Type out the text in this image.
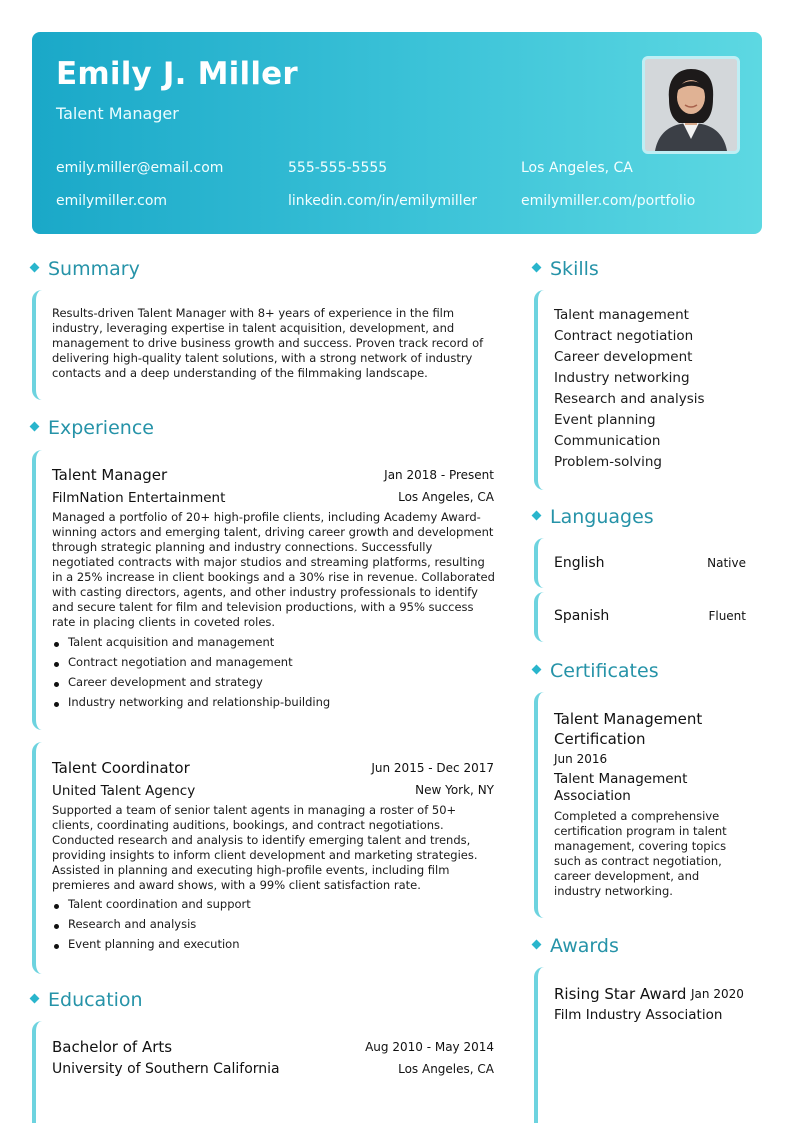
Emily J. Miller
Talent Manager
emily.miller@email.com	555-555-5555	Los Angeles, CA
emilymiller.com	linkedin.com/in/emilymiller	emilymiller.com/portfolio
Summary
Results-driven Talent Manager with 8+ years of experience in the film industry, leveraging expertise in talent acquisition, development, and management to drive business growth and success. Proven track record of delivering high-quality talent solutions, with a strong network of industry contacts and a deep understanding of the filmmaking landscape.
Experience
Talent Manager	Jan 2018 - Present
FilmNation Entertainment	Los Angeles, CA
Managed a portfolio of 20+ high-profile clients, including Academy Award-winning actors and emerging talent, driving career growth and development through strategic planning and industry connections. Successfully negotiated contracts with major studios and streaming platforms, resulting in a 25% increase in client bookings and a 30% rise in revenue. Collaborated with casting directors, agents, and other industry professionals to identify and secure talent for film and television productions, with a 95% success rate in placing clients in coveted roles.
Talent acquisition and management
Contract negotiation and management
Career development and strategy
Industry networking and relationship-building
Talent Coordinator	Jun 2015 - Dec 2017
United Talent Agency	New York, NY
Supported a team of senior talent agents in managing a roster of 50+ clients, coordinating auditions, bookings, and contract negotiations. Conducted research and analysis to identify emerging talent and trends, providing insights to inform client development and marketing strategies. Assisted in planning and executing high-profile events, including film premieres and award shows, with a 99% client satisfaction rate.
Talent coordination and support
Research and analysis
Event planning and execution
Education
Bachelor of Arts	Aug 2010 - May 2014
University of Southern California	Los Angeles, CA
Skills
Talent management
Contract negotiation
Career development
Industry networking
Research and analysis
Event planning
Communication
Problem-solving
Languages
English	Native
Spanish	Fluent
Certificates
Talent Management Certification
Jun 2016
Talent Management Association
Completed a comprehensive certification program in talent management, covering topics such as contract negotiation, career development, and industry networking.
Awards
Rising Star Award Jan 2020
Film Industry Association
